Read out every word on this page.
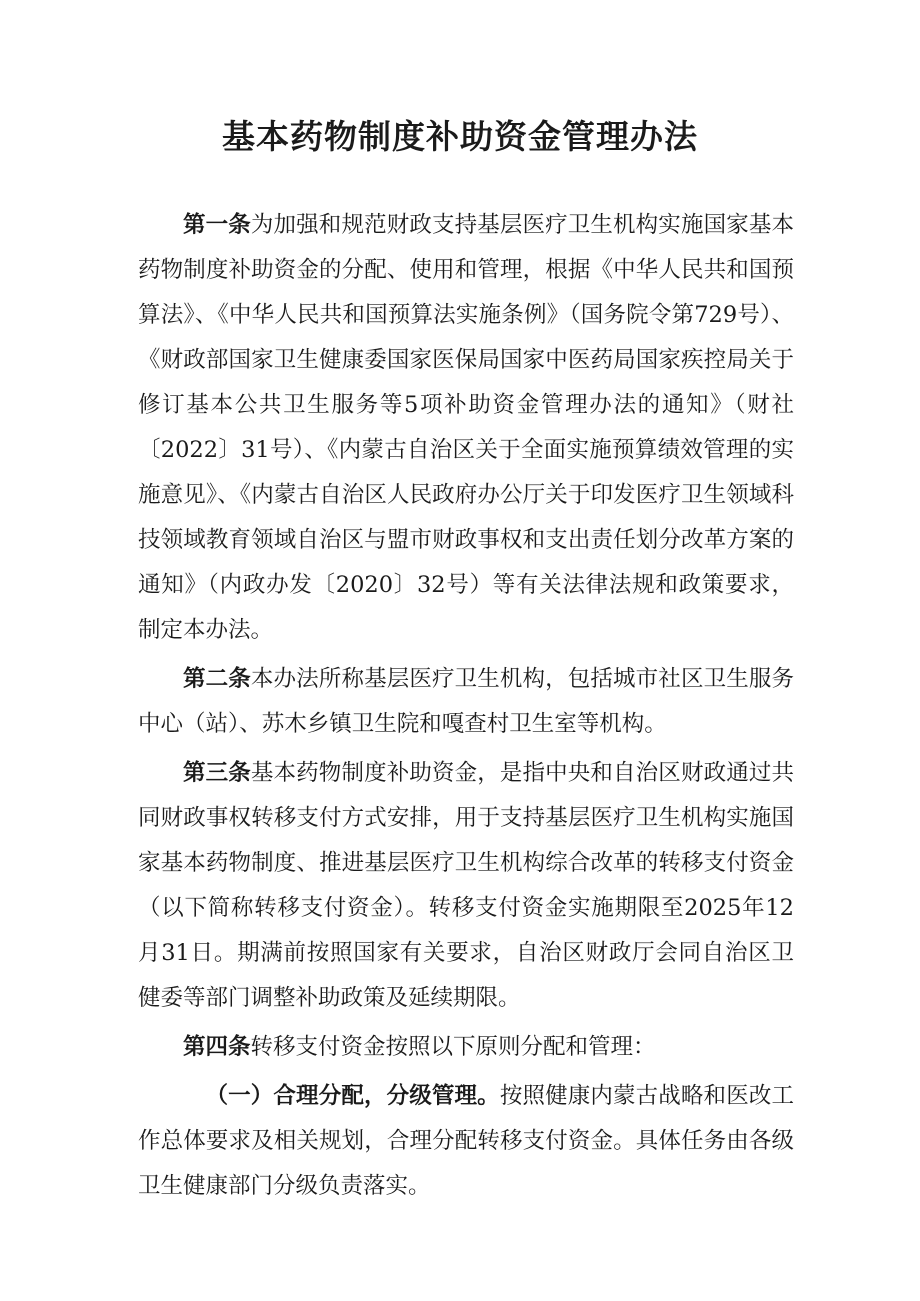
基本药物制度补助资金管理办法

第一条为加强和规范财政支持基层医疗卫生机构实施国家基本药物制度补助资金的分配、使用和管理，根据《中华人民共和国预算法》、《中华人民共和国预算法实施条例》（国务院令第729号）、《财政部国家卫生健康委国家医保局国家中医药局国家疾控局关于修订基本公共卫生服务等5项补助资金管理办法的通知》（财社〔2022〕31号）、《内蒙古自治区关于全面实施预算绩效管理的实施意见》、《内蒙古自治区人民政府办公厅关于印发医疗卫生领域科技领域教育领域自治区与盟市财政事权和支出责任划分改革方案的通知》（内政办发〔2020〕32号）等有关法律法规和政策要求，制定本办法。

第二条本办法所称基层医疗卫生机构，包括城市社区卫生服务中心（站）、苏木乡镇卫生院和嘎查村卫生室等机构。

第三条基本药物制度补助资金，是指中央和自治区财政通过共同财政事权转移支付方式安排，用于支持基层医疗卫生机构实施国家基本药物制度、推进基层医疗卫生机构综合改革的转移支付资金（以下简称转移支付资金）。转移支付资金实施期限至2025年12月31日。期满前按照国家有关要求，自治区财政厅会同自治区卫健委等部门调整补助政策及延续期限。

第四条转移支付资金按照以下原则分配和管理：

（一）合理分配，分级管理。按照健康内蒙古战略和医改工作总体要求及相关规划，合理分配转移支付资金。具体任务由各级卫生健康部门分级负责落实。
